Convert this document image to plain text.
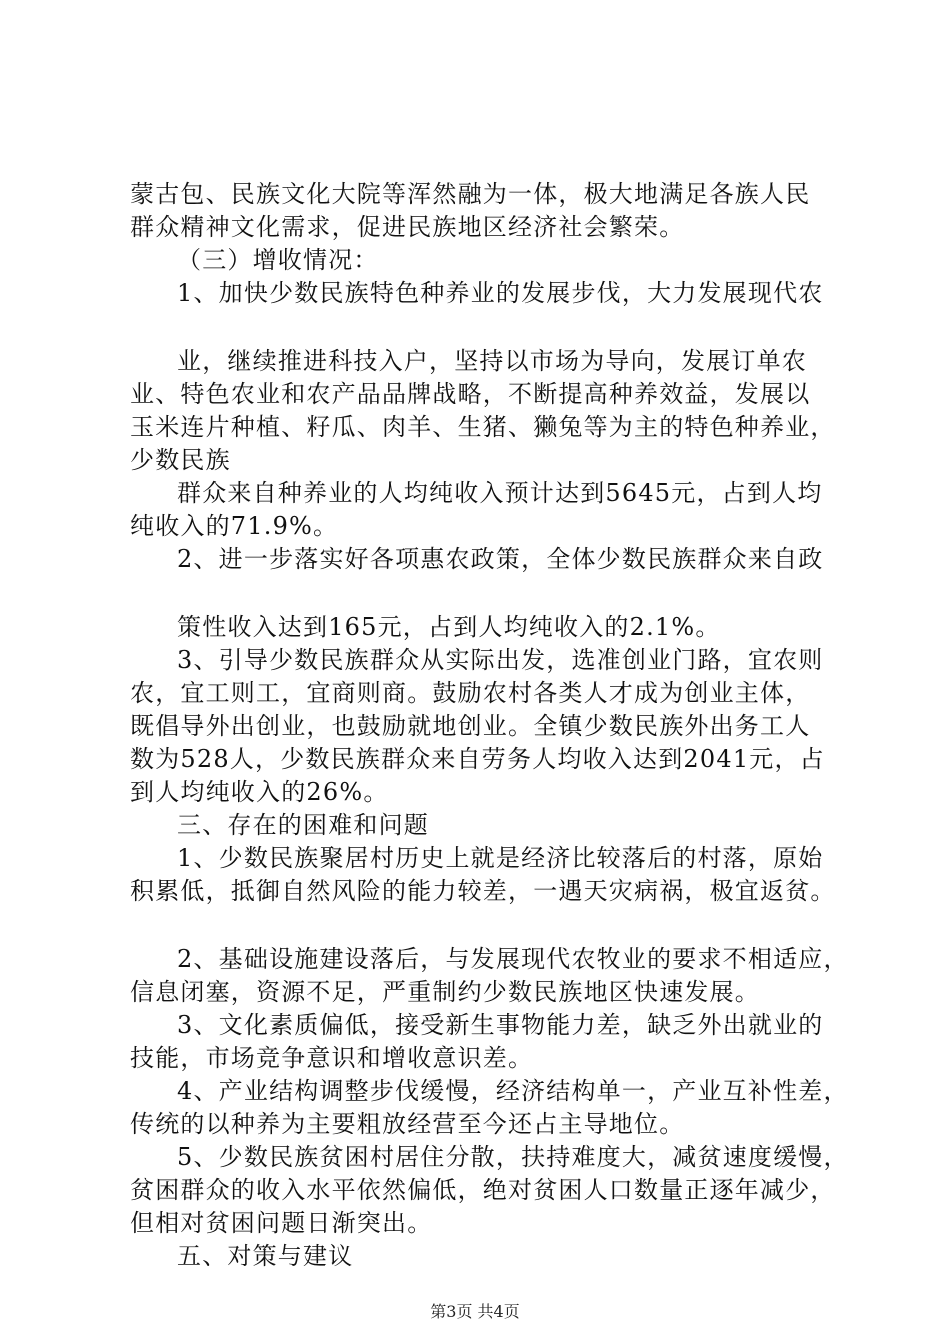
蒙古包、民族文化大院等浑然融为一体，极大地满足各族人民
群众精神文化需求，促进民族地区经济社会繁荣。
（三）增收情况：
1、加快少数民族特色种养业的发展步伐，大力发展现代农
业，继续推进科技入户，坚持以市场为导向，发展订单农
业、特色农业和农产品品牌战略，不断提高种养效益，发展以
玉米连片种植、籽瓜、肉羊、生猪、獭兔等为主的特色种养业，
少数民族
群众来自种养业的人均纯收入预计达到5645元，占到人均
纯收入的71.9%。
2、进一步落实好各项惠农政策，全体少数民族群众来自政
策性收入达到165元，占到人均纯收入的2.1%。
3、引导少数民族群众从实际出发，选准创业门路，宜农则
农，宜工则工，宜商则商。鼓励农村各类人才成为创业主体，
既倡导外出创业，也鼓励就地创业。全镇少数民族外出务工人
数为528人，少数民族群众来自劳务人均收入达到2041元，占
到人均纯收入的26%。
三、存在的困难和问题
1、少数民族聚居村历史上就是经济比较落后的村落，原始
积累低，抵御自然风险的能力较差，一遇天灾病祸，极宜返贫。
2、基础设施建设落后，与发展现代农牧业的要求不相适应，
信息闭塞，资源不足，严重制约少数民族地区快速发展。
3、文化素质偏低，接受新生事物能力差，缺乏外出就业的
技能，市场竞争意识和增收意识差。
4、产业结构调整步伐缓慢，经济结构单一，产业互补性差，
传统的以种养为主要粗放经营至今还占主导地位。
5、少数民族贫困村居住分散，扶持难度大，减贫速度缓慢，
贫困群众的收入水平依然偏低，绝对贫困人口数量正逐年减少，
但相对贫困问题日渐突出。
五、对策与建议
第3页 共4页
